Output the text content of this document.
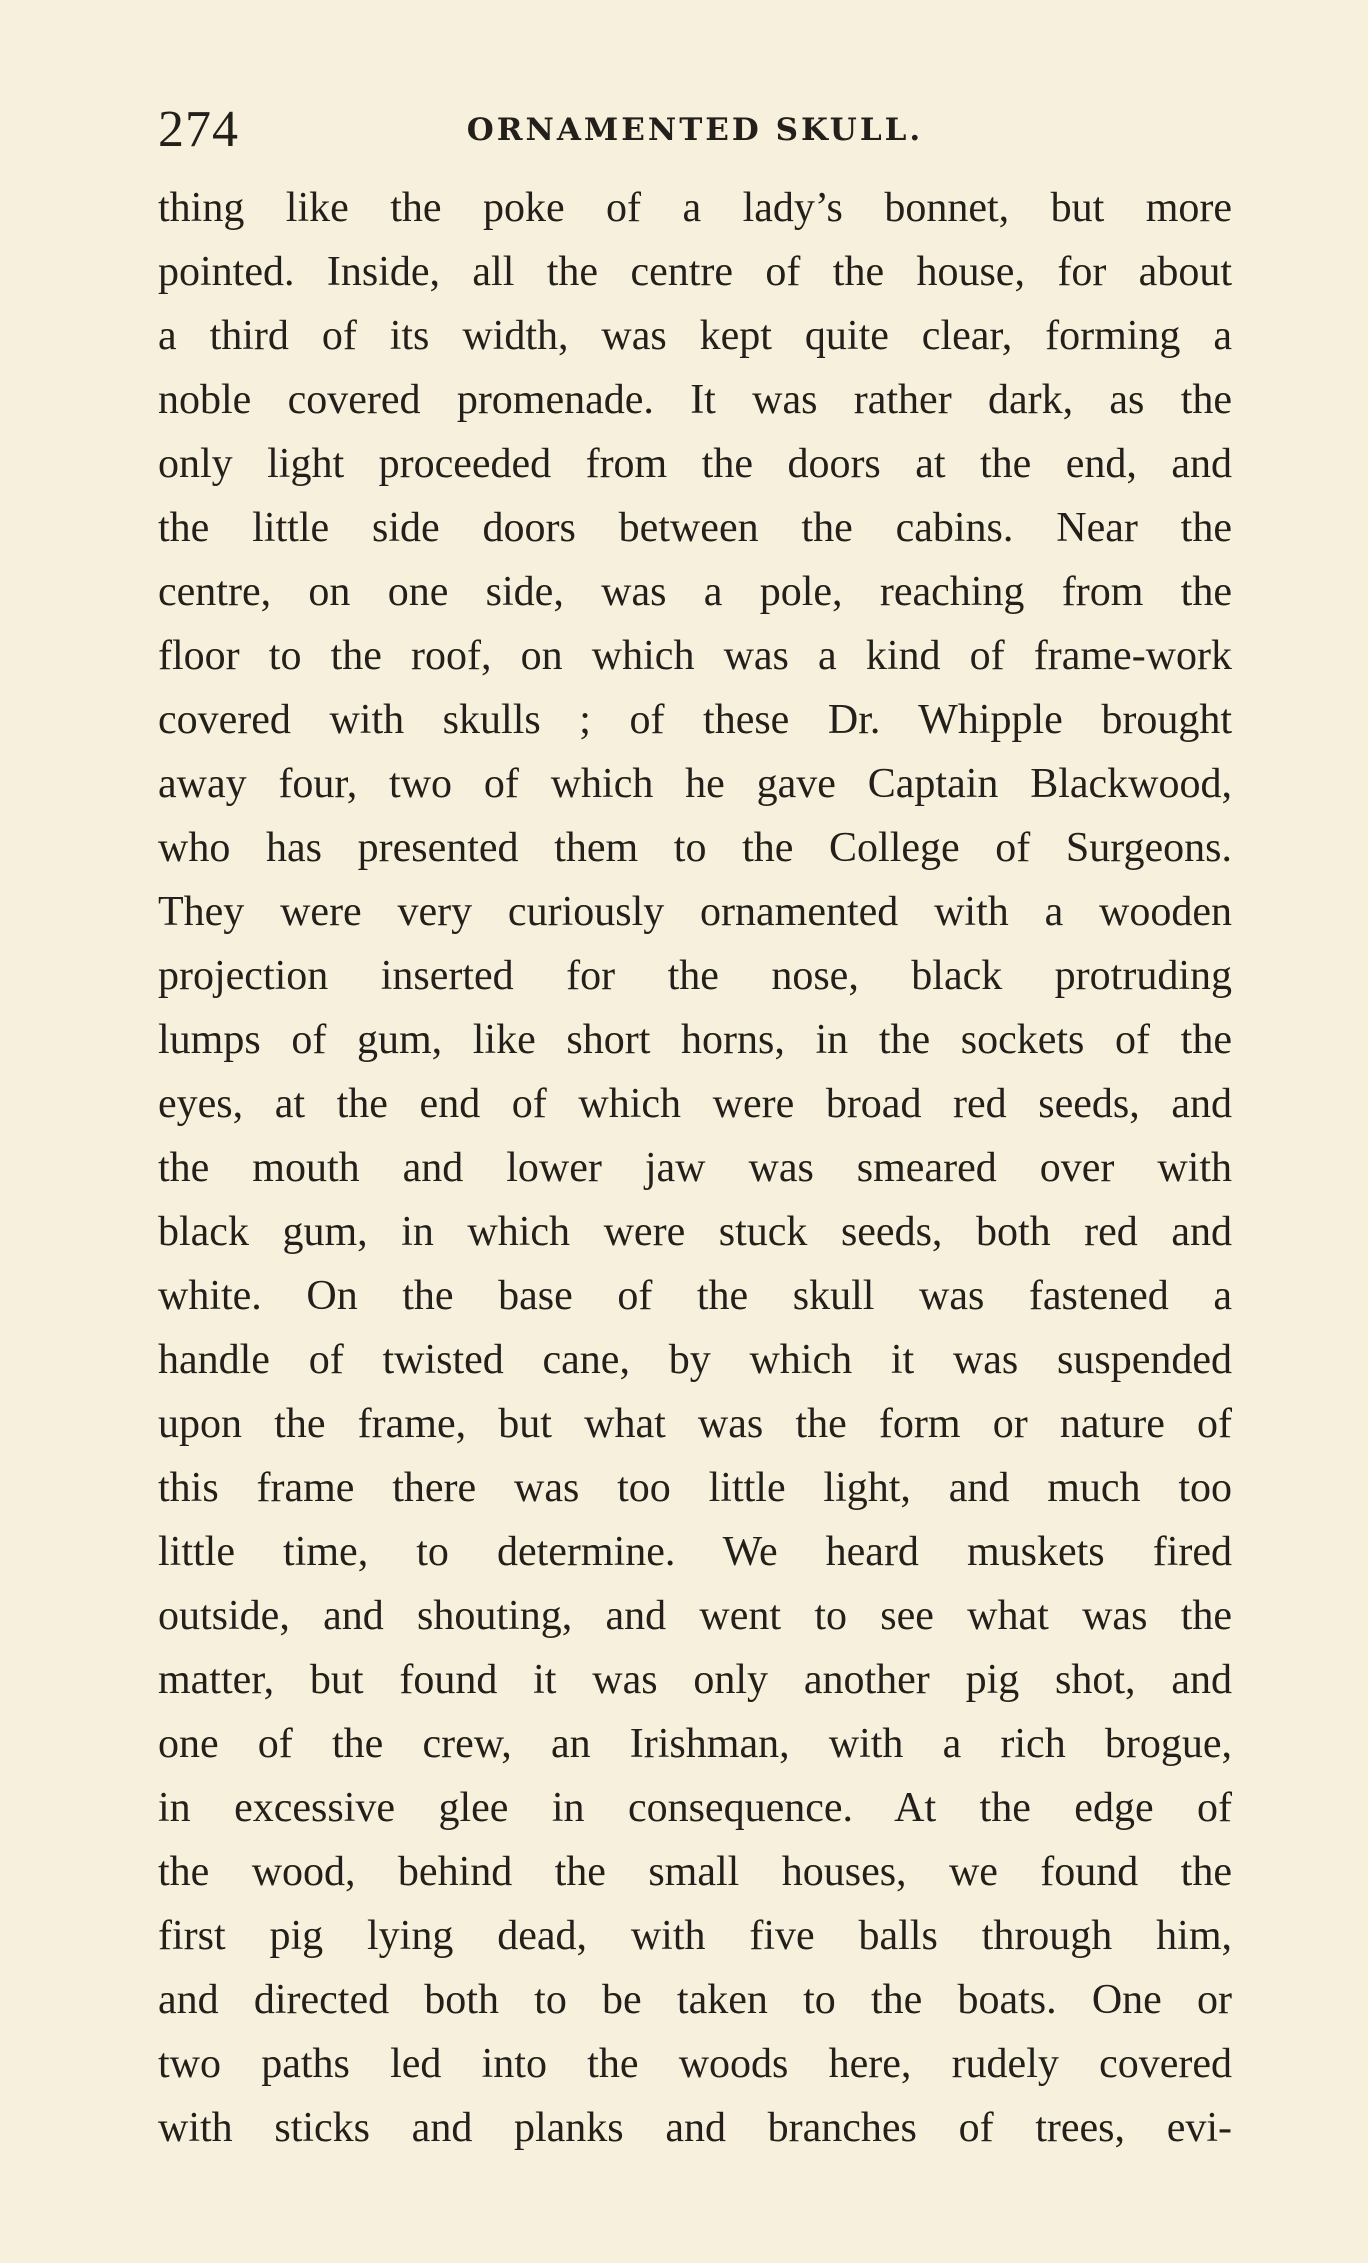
274	ORNAMENTED SKULL.
thing like the poke of a lady’s bonnet, but more
pointed. Inside, all the centre of the house, for about
a third of its width, was kept quite clear, forming a
noble covered promenade. It was rather dark, as the
only light proceeded from the doors at the end, and
the little side doors between the cabins. Near the
centre, on one side, was a pole, reaching from the
floor to the roof, on which was a kind of frame-work
covered with skulls ; of these Dr. Whipple brought
away four, two of which he gave Captain Blackwood,
who has presented them to the College of Surgeons.
They were very curiously ornamented with a wooden
projection inserted for the nose, black protruding
lumps of gum, like short horns, in the sockets of the
eyes, at the end of which were broad red seeds, and
the mouth and lower jaw was smeared over with
black gum, in which were stuck seeds, both red and
white. On the base of the skull was fastened a
handle of twisted cane, by which it was suspended
upon the frame, but what was the form or nature of
this frame there was too little light, and much too
little time, to determine. We heard muskets fired
outside, and shouting, and went to see what was the
matter, but found it was only another pig shot, and
one of the crew, an Irishman, with a rich brogue,
in excessive glee in consequence. At the edge of
the wood, behind the small houses, we found the
first pig lying dead, with five balls through him,
and directed both to be taken to the boats. One or
two paths led into the woods here, rudely covered
with sticks and planks and branches of trees, evi-
